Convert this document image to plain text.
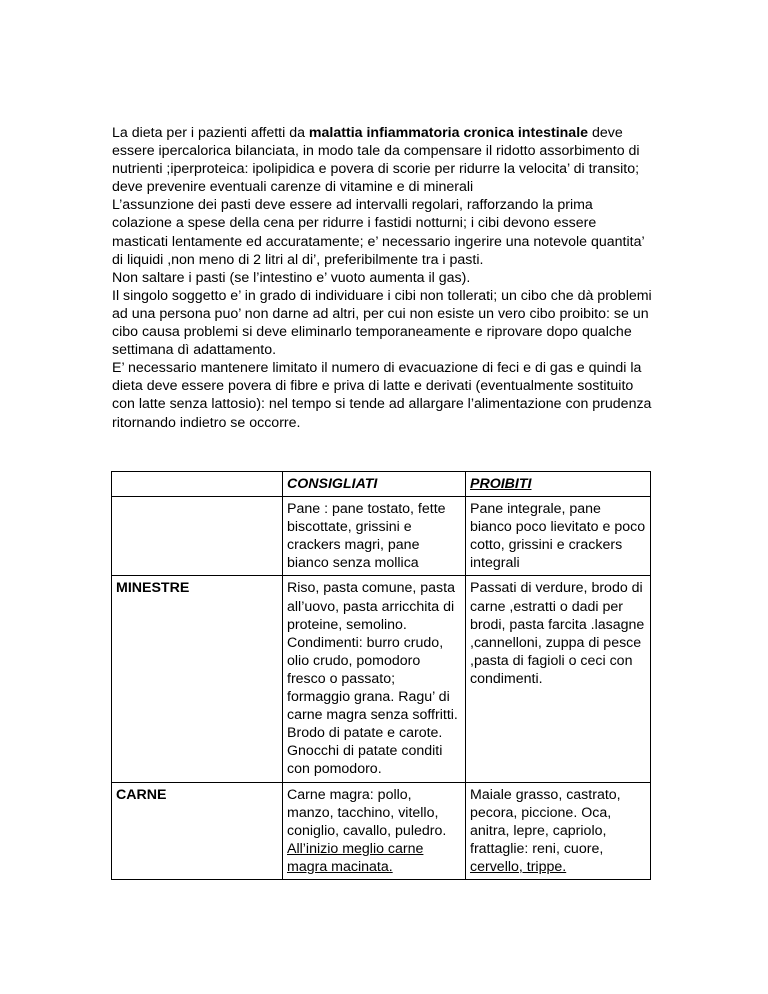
La dieta per i pazienti affetti da malattia infiammatoria cronica intestinale deve essere ipercalorica bilanciata, in modo tale da compensare il ridotto assorbimento di nutrienti ;iperproteica: ipolipidica e povera di scorie per ridurre la velocita’ di transito; deve prevenire eventuali carenze di vitamine e di minerali

L’assunzione dei pasti deve essere ad intervalli regolari, rafforzando la prima colazione a spese della cena per ridurre i fastidi notturni; i cibi devono essere masticati lentamente ed accuratamente; e’ necessario ingerire una notevole quantita’ di liquidi ,non meno di 2 litri al di’, preferibilmente tra i pasti.

Non saltare i pasti (se l’intestino e’ vuoto aumenta il gas).

Il singolo soggetto e’ in grado di individuare i cibi non tollerati; un cibo che dà problemi ad una persona puo’ non darne ad altri, per cui non esiste un vero cibo proibito: se un cibo causa problemi si deve eliminarlo temporaneamente e riprovare dopo qualche settimana dì adattamento.

E’ necessario mantenere limitato il numero di evacuazione di feci e di gas e quindi la dieta deve essere povera di fibre e priva di latte e derivati (eventualmente sostituito con latte senza lattosio): nel tempo si tende ad allargare l’alimentazione con prudenza ritornando indietro se occorre.

	CONSIGLIATI	PROIBITI
	Pane : pane tostato, fette biscottate, grissini e crackers magri, pane bianco senza mollica	Pane integrale, pane bianco poco lievitato e poco cotto, grissini e crackers integrali
MINESTRE	Riso, pasta comune, pasta all’uovo, pasta arricchita di proteine, semolino. Condimenti: burro crudo, olio crudo, pomodoro fresco o passato; formaggio grana. Ragu’ di carne magra senza soffritti. Brodo di patate e carote. Gnocchi di patate conditi con pomodoro.	Passati di verdure, brodo di carne ,estratti o dadi per brodi, pasta farcita .lasagne ,cannelloni, zuppa di pesce ,pasta di fagioli o ceci con condimenti.
CARNE	Carne magra: pollo, manzo, tacchino, vitello, coniglio, cavallo, puledro. All’inizio meglio carne magra macinata.	Maiale grasso, castrato, pecora, piccione. Oca, anitra, lepre, capriolo, frattaglie: reni, cuore, cervello, trippe.
